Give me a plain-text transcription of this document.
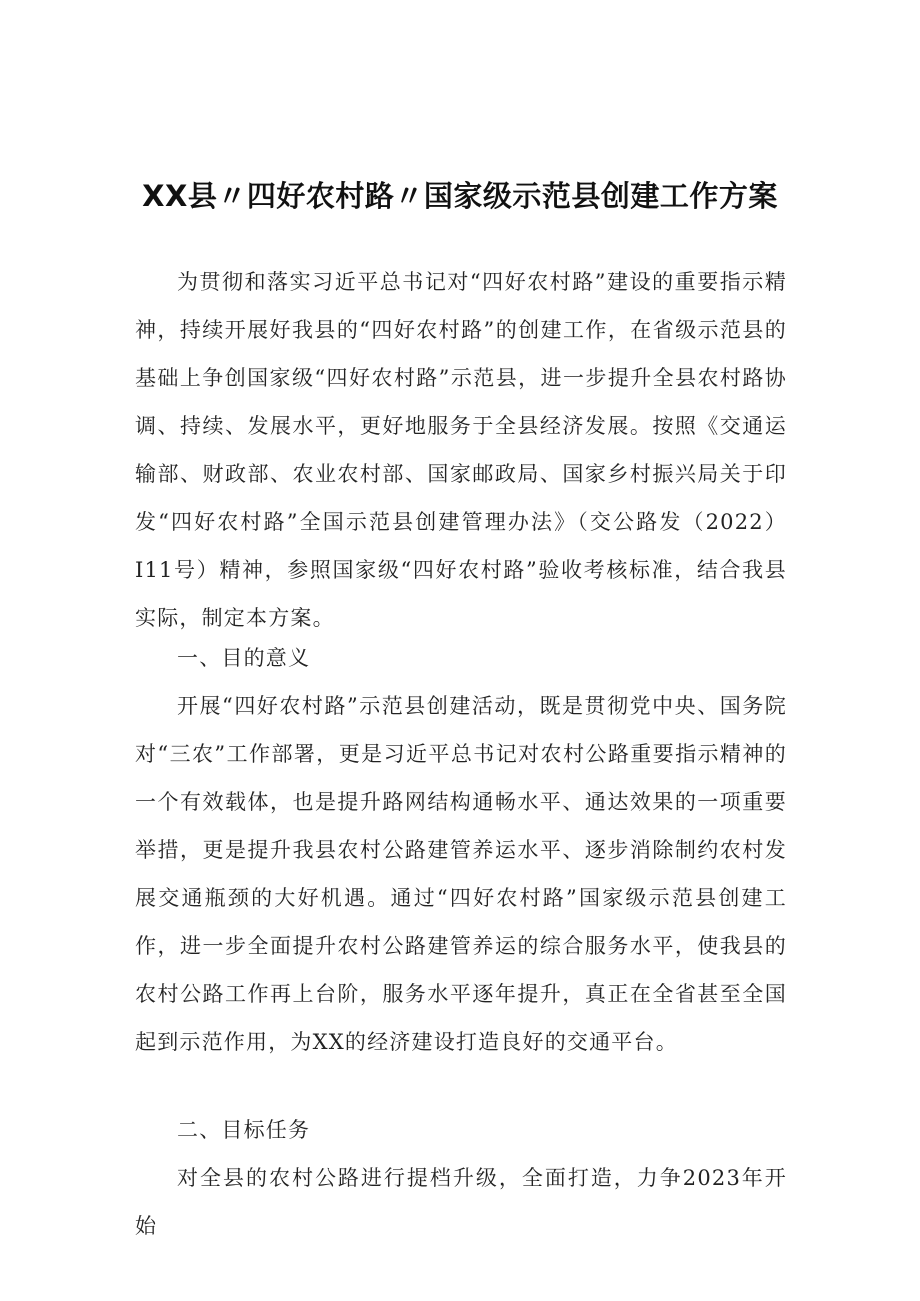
XX县〃四好农村路〃国家级示范县创建工作方案

为贯彻和落实习近平总书记对“四好农村路”建设的重要指示精神，持续开展好我县的“四好农村路”的创建工作，在省级示范县的基础上争创国家级“四好农村路”示范县，进一步提升全县农村路协调、持续、发展水平，更好地服务于全县经济发展。按照《交通运输部、财政部、农业农村部、国家邮政局、国家乡村振兴局关于印发“四好农村路”全国示范县创建管理办法》（交公路发（2022）I11号）精神，参照国家级“四好农村路”验收考核标准，结合我县实际，制定本方案。

一、目的意义

开展“四好农村路”示范县创建活动，既是贯彻党中央、国务院对“三农”工作部署，更是习近平总书记对农村公路重要指示精神的一个有效载体，也是提升路网结构通畅水平、通达效果的一项重要举措，更是提升我县农村公路建管养运水平、逐步消除制约农村发展交通瓶颈的大好机遇。通过“四好农村路”国家级示范县创建工作，进一步全面提升农村公路建管养运的综合服务水平，使我县的农村公路工作再上台阶，服务水平逐年提升，真正在全省甚至全国起到示范作用，为XX的经济建设打造良好的交通平台。

二、目标任务

对全县的农村公路进行提档升级，全面打造，力争2023年开始
